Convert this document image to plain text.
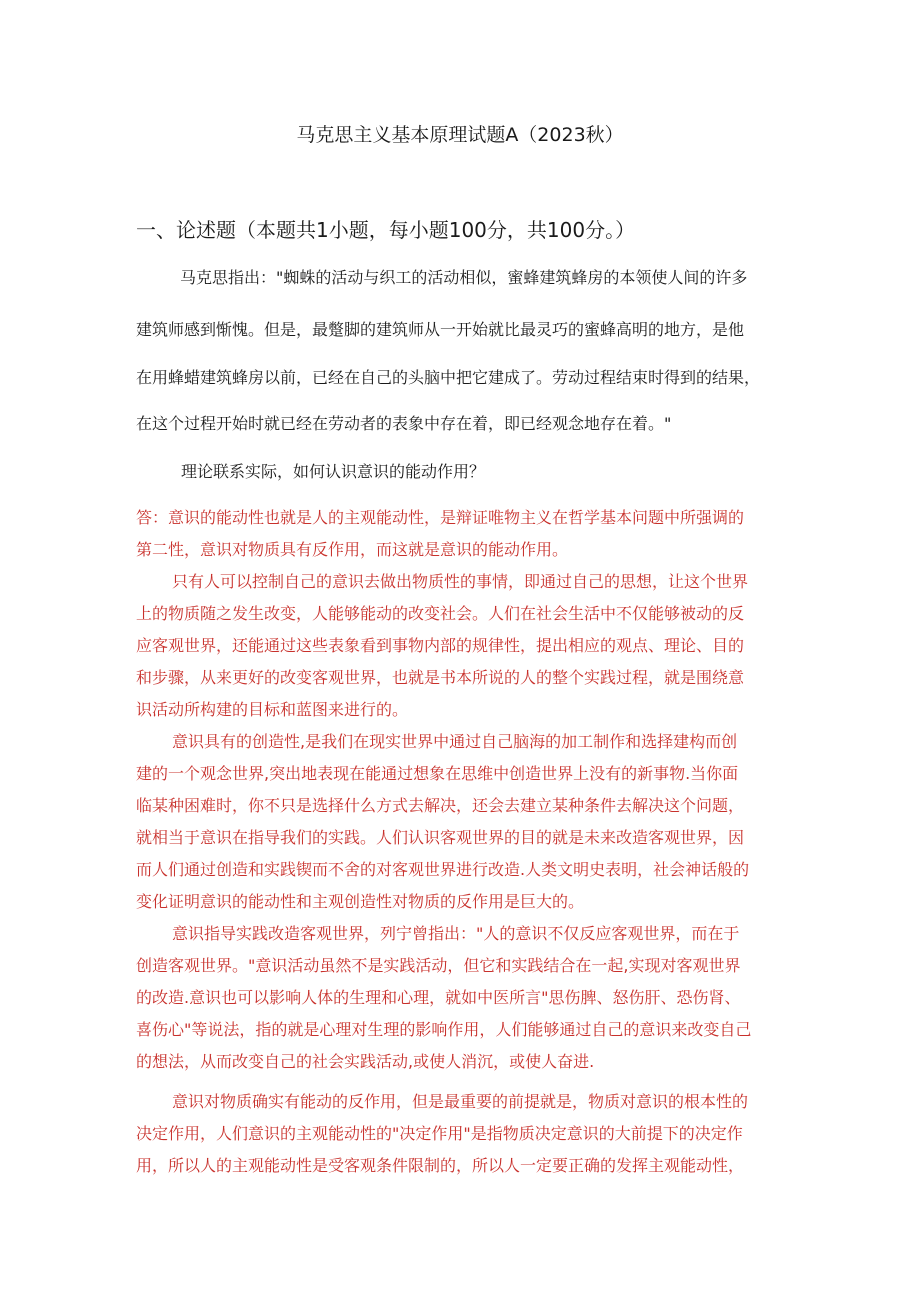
马克思主义基本原理试题A（2023秋）
一、论述题（本题共1小题，每小题100分，共100分。）
马克思指出："蜘蛛的活动与织工的活动相似，蜜蜂建筑蜂房的本领使人间的许多
建筑师感到惭愧。但是，最蹩脚的建筑师从一开始就比最灵巧的蜜蜂高明的地方，是他
在用蜂蜡建筑蜂房以前，已经在自己的头脑中把它建成了。劳动过程结束时得到的结果，
在这个过程开始时就已经在劳动者的表象中存在着，即已经观念地存在着。"
理论联系实际，如何认识意识的能动作用？

答：意识的能动性也就是人的主观能动性，是辩证唯物主义在哲学基本问题中所强调的
第二性，意识对物质具有反作用，而这就是意识的能动作用。

只有人可以控制自己的意识去做出物质性的事情，即通过自己的思想，让这个世界
上的物质随之发生改变，人能够能动的改变社会。人们在社会生活中不仅能够被动的反
应客观世界，还能通过这些表象看到事物内部的规律性，提出相应的观点、理论、目的
和步骤，从来更好的改变客观世界，也就是书本所说的人的整个实践过程，就是围绕意
识活动所构建的目标和蓝图来进行的。

意识具有的创造性,是我们在现实世界中通过自己脑海的加工制作和选择建构而创
建的一个观念世界,突出地表现在能通过想象在思维中创造世界上没有的新事物.当你面
临某种困难时，你不只是选择什么方式去解决，还会去建立某种条件去解决这个问题，
就相当于意识在指导我们的实践。人们认识客观世界的目的就是未来改造客观世界，因
而人们通过创造和实践锲而不舍的对客观世界进行改造.人类文明史表明，社会神话般的
变化证明意识的能动性和主观创造性对物质的反作用是巨大的。

意识指导实践改造客观世界，列宁曾指出："人的意识不仅反应客观世界，而在于
创造客观世界。"意识活动虽然不是实践活动，但它和实践结合在一起,实现对客观世界
的改造.意识也可以影响人体的生理和心理，就如中医所言"思伤脾、怒伤肝、恐伤肾、
喜伤心"等说法，指的就是心理对生理的影响作用，人们能够通过自己的意识来改变自己
的想法，从而改变自己的社会实践活动,或使人消沉，或使人奋进.

意识对物质确实有能动的反作用，但是最重要的前提就是，物质对意识的根本性的
决定作用，人们意识的主观能动性的"决定作用"是指物质决定意识的大前提下的决定作
用，所以人的主观能动性是受客观条件限制的，所以人一定要正确的发挥主观能动性，
